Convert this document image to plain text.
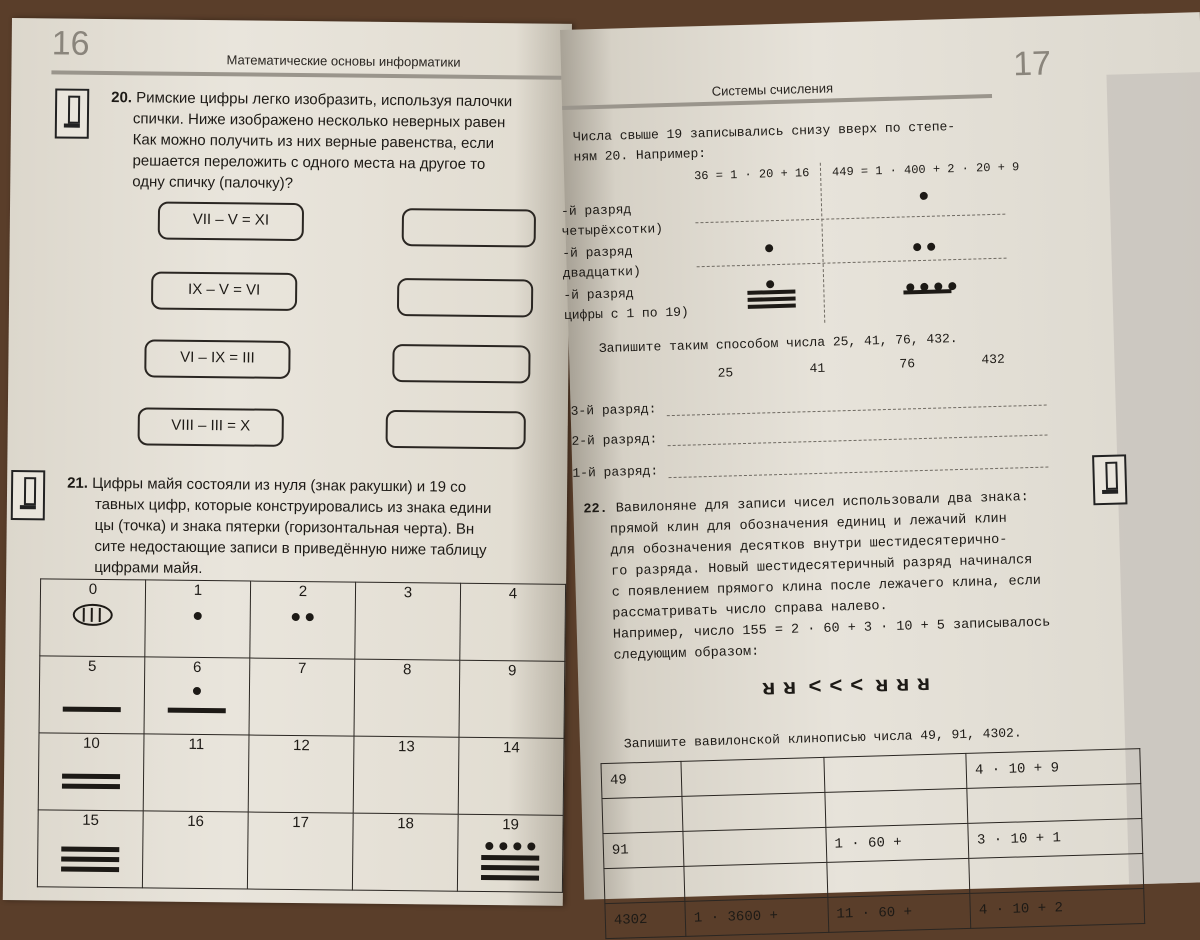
16	Математические основы информатики
20. Римские цифры легко изобразить, используя палочки
спички. Ниже изображено несколько неверных равен
Как можно получить из них верные равенства, если
решается переложить с одного места на другое то
одну спичку (палочку)?
VII – V = XI
IX – V = VI
VI – IX = III
VIII – III = X
21. Цифры майя состояли из нуля (знак ракушки) и 19 со
тавных цифр, которые конструировались из знака едини
цы (точка) и знака пятерки (горизонтальная черта). Вн
сите недостающие записи в приведённую ниже таблицу
цифрами майя.
0	1	2	3	4

5	6	7	8	9

10	11	12	13	14

15	16	17	18	19
17
Системы счисления
Числа свыше 19 записывались снизу вверх по степе-
ням 20. Например:
36 = 1 · 20 + 16 449 = 1 · 400 + 2 · 20 + 9
-й разряд
четырёхсотки)
-й разряд
двадцатки)
-й разряд
цифры с 1 по 19)
Запишите таким способом числа 25, 41, 76, 432.
25	41	76	432
3-й разряд:
2-й разряд:
1-й разряд:
22. Вавилоняне для записи чисел использовали два знака:
прямой клин для обозначения единиц и лежачий клин
для обозначения десятков внутри шестидесятерично-
го разряда. Новый шестидесятеричный разряд начинался
с появлением прямого клина после лежачего клина, если
рассматривать число справа налево.
Например, число 155 = 2 · 60 + 3 · 10 + 5 записывалось
следующим образом:
ᴚ ᴚ < < < ᴚ ᴚ ᴚ
Запишите вавилонской клинописью числа 49, 91, 4302.
49			4 · 10 + 9

91		1 · 60 +	3 · 10 + 1

4302	1 · 3600 +	11 · 60 +	4 · 10 + 2
